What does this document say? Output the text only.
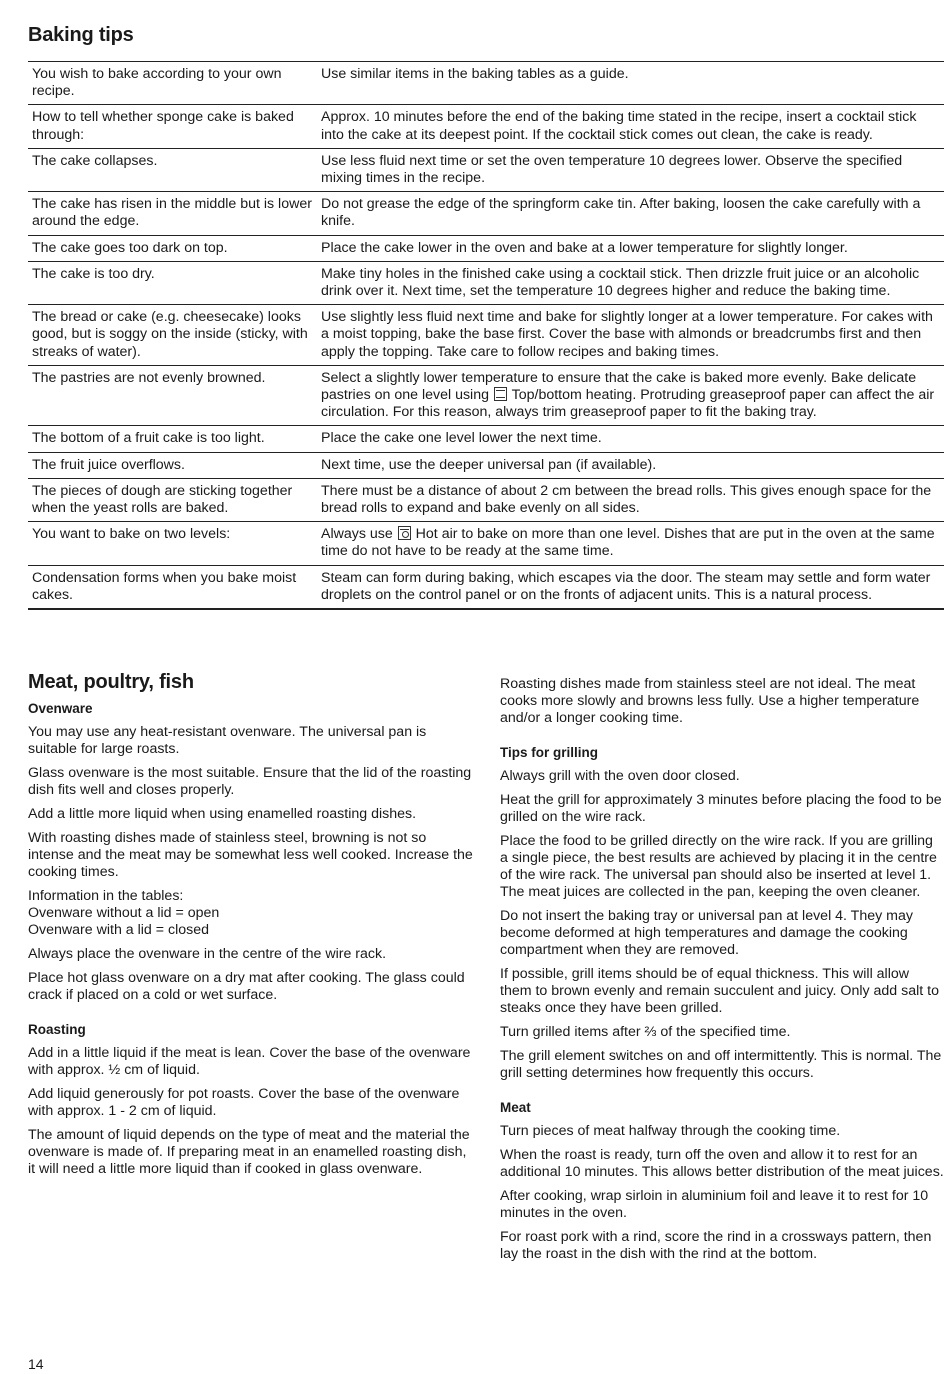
Baking tips
You wish to bake according to your own recipe.	Use similar items in the baking tables as a guide.
How to tell whether sponge cake is baked through:	Approx. 10 minutes before the end of the baking time stated in the recipe, insert a cocktail stick into the cake at its deepest point. If the cocktail stick comes out clean, the cake is ready.
The cake collapses.	Use less fluid next time or set the oven temperature 10 degrees lower. Observe the specified mixing times in the recipe.
The cake has risen in the middle but is lower around the edge.	Do not grease the edge of the springform cake tin. After baking, loosen the cake carefully with a knife.
The cake goes too dark on top.	Place the cake lower in the oven and bake at a lower temperature for slightly longer.
The cake is too dry.	Make tiny holes in the finished cake using a cocktail stick. Then drizzle fruit juice or an alcoholic drink over it. Next time, set the temperature 10 degrees higher and reduce the baking time.
The bread or cake (e.g. cheesecake) looks good, but is soggy on the inside (sticky, with streaks of water).	Use slightly less fluid next time and bake for slightly longer at a lower temperature. For cakes with a moist topping, bake the base first. Cover the base with almonds or breadcrumbs first and then apply the topping. Take care to follow recipes and baking times.
The pastries are not evenly browned.	Select a slightly lower temperature to ensure that the cake is baked more evenly. Bake delicate pastries on one level using Top/bottom heating. Protruding greaseproof paper can affect the air circulation. For this reason, always trim greaseproof paper to fit the baking tray.
The bottom of a fruit cake is too light.	Place the cake one level lower the next time.
The fruit juice overflows.	Next time, use the deeper universal pan (if available).
The pieces of dough are sticking together when the yeast rolls are baked.	There must be a distance of about 2 cm between the bread rolls. This gives enough space for the bread rolls to expand and bake evenly on all sides.
You want to bake on two levels:	Always use Hot air to bake on more than one level. Dishes that are put in the oven at the same time do not have to be ready at the same time.
Condensation forms when you bake moist cakes.	Steam can form during baking, which escapes via the door. The steam may settle and form water droplets on the control panel or on the fronts of adjacent units. This is a natural process.
Meat, poultry, fish
Ovenware

You may use any heat-resistant ovenware. The universal pan is suitable for large roasts.

Glass ovenware is the most suitable. Ensure that the lid of the roasting dish fits well and closes properly.

Add a little more liquid when using enamelled roasting dishes.

With roasting dishes made of stainless steel, browning is not so intense and the meat may be somewhat less well cooked. Increase the cooking times.

Information in the tables:
Ovenware without a lid = open
Ovenware with a lid = closed

Always place the ovenware in the centre of the wire rack.

Place hot glass ovenware on a dry mat after cooking. The glass could crack if placed on a cold or wet surface.

Roasting

Add in a little liquid if the meat is lean. Cover the base of the ovenware with approx. ½ cm of liquid.

Add liquid generously for pot roasts. Cover the base of the ovenware with approx. 1 - 2 cm of liquid.

The amount of liquid depends on the type of meat and the material the ovenware is made of. If preparing meat in an enamelled roasting dish, it will need a little more liquid than if cooked in glass ovenware.

Roasting dishes made from stainless steel are not ideal. The meat cooks more slowly and browns less fully. Use a higher temperature and/or a longer cooking time.

Tips for grilling

Always grill with the oven door closed.

Heat the grill for approximately 3 minutes before placing the food to be grilled on the wire rack.

Place the food to be grilled directly on the wire rack. If you are grilling a single piece, the best results are achieved by placing it in the centre of the wire rack. The universal pan should also be inserted at level 1. The meat juices are collected in the pan, keeping the oven cleaner.

Do not insert the baking tray or universal pan at level 4. They may become deformed at high temperatures and damage the cooking compartment when they are removed.

If possible, grill items should be of equal thickness. This will allow them to brown evenly and remain succulent and juicy. Only add salt to steaks once they have been grilled.

Turn grilled items after ⅔ of the specified time.

The grill element switches on and off intermittently. This is normal. The grill setting determines how frequently this occurs.

Meat

Turn pieces of meat halfway through the cooking time.

When the roast is ready, turn off the oven and allow it to rest for an additional 10 minutes. This allows better distribution of the meat juices.

After cooking, wrap sirloin in aluminium foil and leave it to rest for 10 minutes in the oven.

For roast pork with a rind, score the rind in a crossways pattern, then lay the roast in the dish with the rind at the bottom.

14
